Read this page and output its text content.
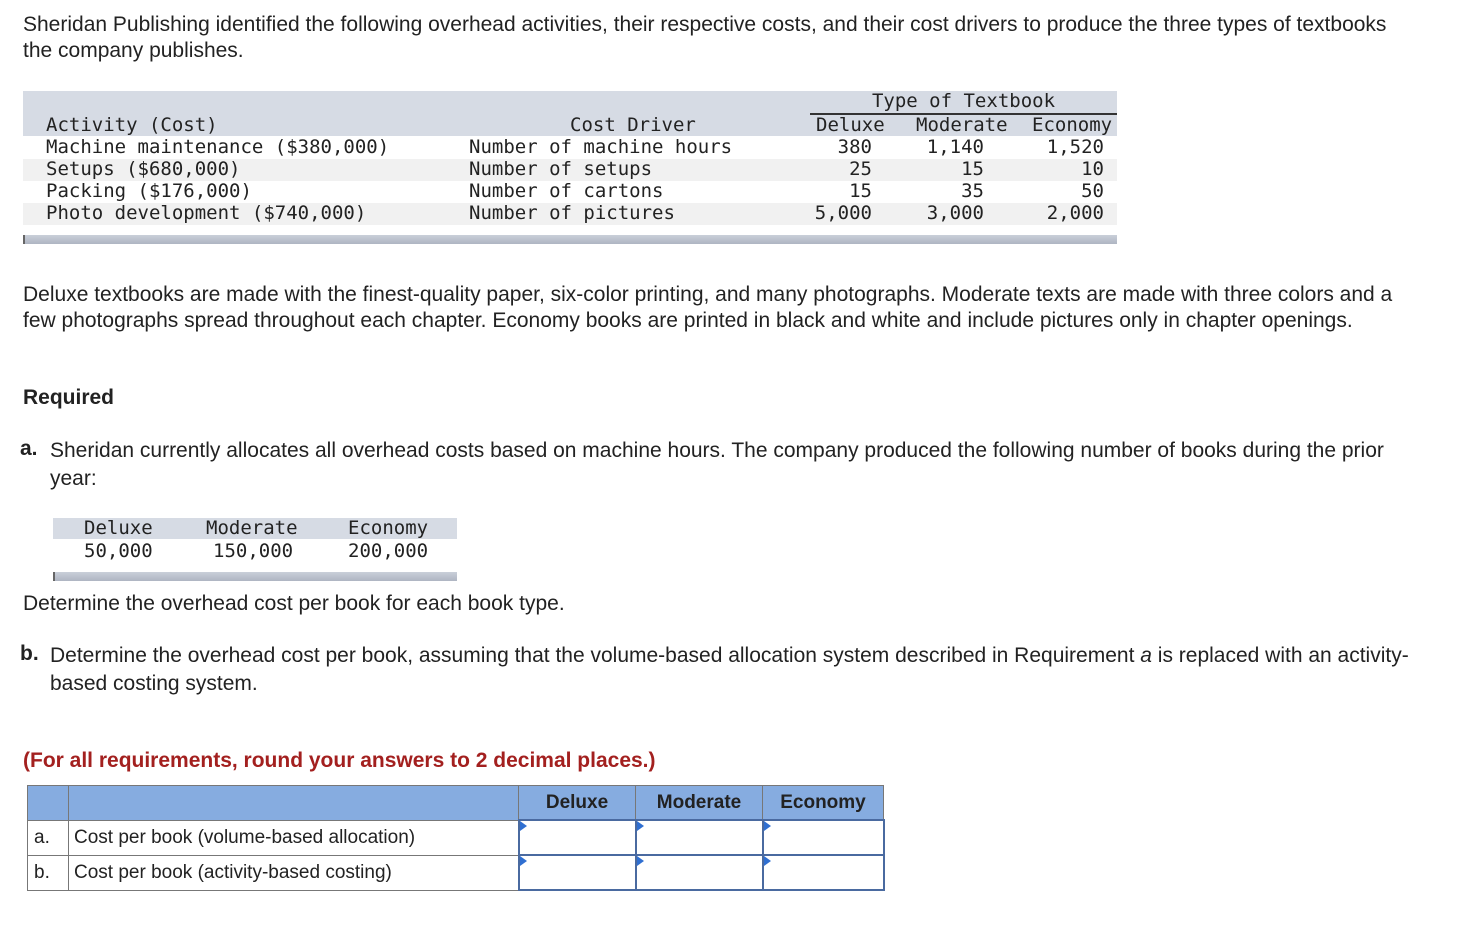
Sheridan Publishing identified the following overhead activities, their respective costs, and their cost drivers to produce the three types of textbooks the company publishes.

Type of Textbook
Activity (Cost)	Cost Driver	Deluxe Moderate Economy
Machine maintenance ($380,000)	Number of machine hours	380	1,140	1,520
Setups ($680,000)	Number of setups	25	15	10
Packing ($176,000)	Number of cartons	15	35	50
Photo development ($740,000)	Number of pictures	5,000	3,000	2,000

Deluxe textbooks are made with the finest-quality paper, six-color printing, and many photographs. Moderate texts are made with three colors and a few photographs spread throughout each chapter. Economy books are printed in black and white and include pictures only in chapter openings.

Required
a. Sheridan currently allocates all overhead costs based on machine hours. The company produced the following number of books during the prior year:

Deluxe	Moderate	Economy
50,000	150,000	200,000
Determine the overhead cost per book for each book type.
b. Determine the overhead cost per book, assuming that the volume-based allocation system described in Requirement a is replaced with an activity-based costing system.

(For all requirements, round your answers to 2 decimal places.)
		Deluxe	Moderate	Economy
a.	Cost per book (volume-based allocation)	

b.	Cost per book (activity-based costing)	
